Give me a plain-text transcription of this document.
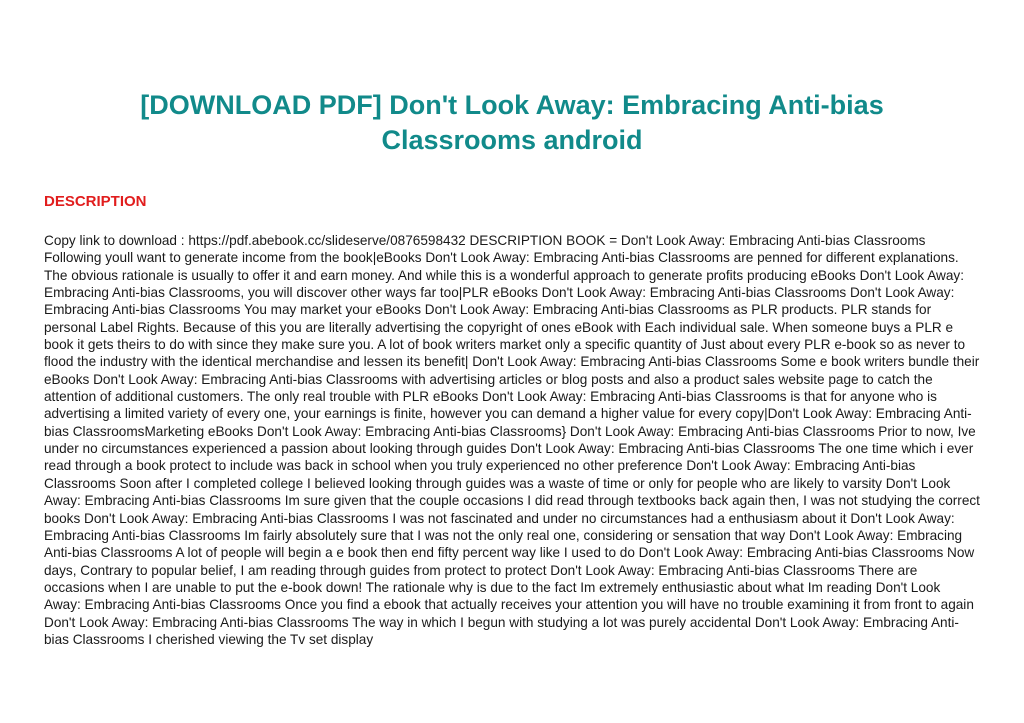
[DOWNLOAD PDF] Don't Look Away: Embracing Anti-bias Classrooms android
DESCRIPTION

Copy link to download : https://pdf.abebook.cc/slideserve/0876598432 DESCRIPTION BOOK = Don't Look Away: Embracing Anti-bias Classrooms Following youll want to generate income from the book|eBooks Don't Look Away: Embracing Anti-bias Classrooms are penned for different explanations. The obvious rationale is usually to offer it and earn money. And while this is a wonderful approach to generate profits producing eBooks Don't Look Away: Embracing Anti-bias Classrooms, you will discover other ways far too|PLR eBooks Don't Look Away: Embracing Anti-bias Classrooms Don't Look Away: Embracing Anti-bias Classrooms You may market your eBooks Don't Look Away: Embracing Anti-bias Classrooms as PLR products. PLR stands for personal Label Rights. Because of this you are literally advertising the copyright of ones eBook with Each individual sale. When someone buys a PLR e book it gets theirs to do with since they make sure you. A lot of book writers market only a specific quantity of Just about every PLR e-book so as never to flood the industry with the identical merchandise and lessen its benefit| Don't Look Away: Embracing Anti-bias Classrooms Some e book writers bundle their eBooks Don't Look Away: Embracing Anti-bias Classrooms with advertising articles or blog posts and also a product sales website page to catch the attention of additional customers. The only real trouble with PLR eBooks Don't Look Away: Embracing Anti-bias Classrooms is that for anyone who is advertising a limited variety of every one, your earnings is finite, however you can demand a higher value for every copy|Don't Look Away: Embracing Anti-bias ClassroomsMarketing eBooks Don't Look Away: Embracing Anti-bias Classrooms} Don't Look Away: Embracing Anti-bias Classrooms Prior to now, Ive under no circumstances experienced a passion about looking through guides Don't Look Away: Embracing Anti-bias Classrooms The one time which i ever read through a book protect to include was back in school when you truly experienced no other preference Don't Look Away: Embracing Anti-bias Classrooms Soon after I completed college I believed looking through guides was a waste of time or only for people who are likely to varsity Don't Look Away: Embracing Anti-bias Classrooms Im sure given that the couple occasions I did read through textbooks back again then, I was not studying the correct books Don't Look Away: Embracing Anti-bias Classrooms I was not fascinated and under no circumstances had a enthusiasm about it Don't Look Away: Embracing Anti-bias Classrooms Im fairly absolutely sure that I was not the only real one, considering or sensation that way Don't Look Away: Embracing Anti-bias Classrooms A lot of people will begin a e book then end fifty percent way like I used to do Don't Look Away: Embracing Anti-bias Classrooms Now days, Contrary to popular belief, I am reading through guides from protect to protect Don't Look Away: Embracing Anti-bias Classrooms There are occasions when I are unable to put the e-book down! The rationale why is due to the fact Im extremely enthusiastic about what Im reading Don't Look Away: Embracing Anti-bias Classrooms Once you find a ebook that actually receives your attention you will have no trouble examining it from front to again Don't Look Away: Embracing Anti-bias Classrooms The way in which I begun with studying a lot was purely accidental Don't Look Away: Embracing Anti-bias Classrooms I cherished viewing the Tv set display
